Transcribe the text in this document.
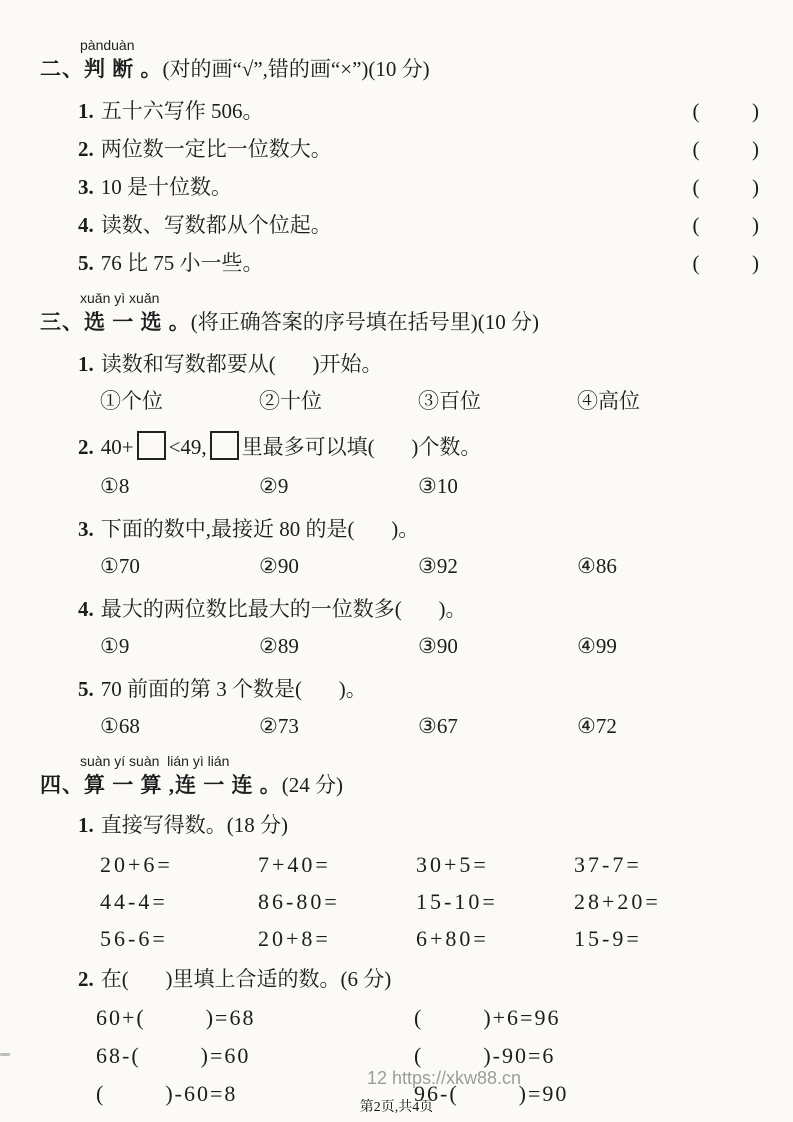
pànduàn
二、判 断 。(对的画“√”,错的画“×”)(10 分)
1. 五十六写作 506。	(          )
2. 两位数一定比一位数大。	(          )
3. 10 是十位数。	(          )
4. 读数、写数都从个位起。	(          )
5. 76 比 75 小一些。	(          )
xuǎn yì xuǎn
三、选 一 选 。(将正确答案的序号填在括号里)(10 分)
1. 读数和写数都要从(       )开始。
①个位	②十位	③百位	④高位
2. 40+ <49, 里最多可以填(       )个数。
①8	②9	③10
3. 下面的数中,最接近 80 的是(       )。
①70	②90	③92	④86
4. 最大的两位数比最大的一位数多(       )。
①9	②89	③90	④99
5. 70 前面的第 3 个数是(       )。
①68	②73	③67	④72
suàn yí suàn  lián yì lián
四、算 一 算 ,连 一 连 。(24 分)
1. 直接写得数。(18 分)
20+6=	7+40=	30+5=	37-7=
44-4=	86-80=	15-10=	28+20=
56-6=	20+8=	6+80=	15-9=
2. 在(       )里填上合适的数。(6 分)
60+(        )=68	(        )+6=96
68-(        )=60	(        )-90=6
(        )-60=8	96-(        )=90
12 https://xkw88.cn
第2页,共4页
